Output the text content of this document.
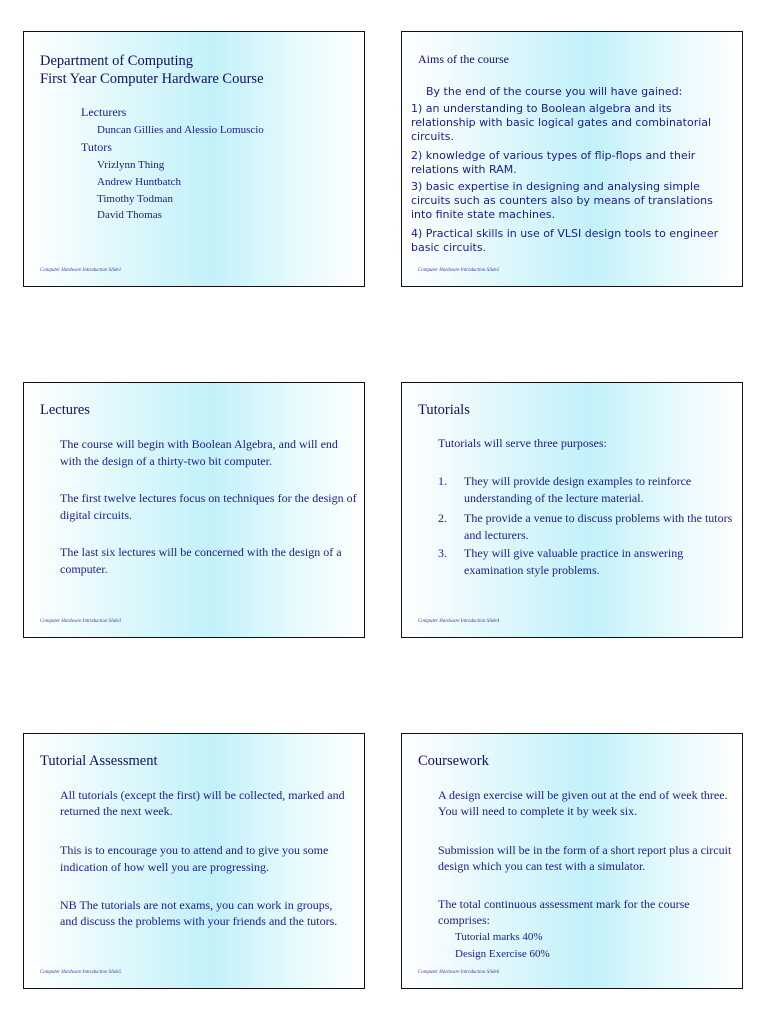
Department of Computing
First Year Computer Hardware Course
Lecturers
Duncan Gillies and Alessio Lomuscio
Tutors
Vrizlynn Thing
Andrew Huntbatch
Timothy Todman
David Thomas
Computer Hardware Introduction Slide1
Aims of the course
By the end of the course you will have gained:
1) an understanding to Boolean algebra and its relationship with basic logical gates and combinatorial circuits.
2) knowledge of various types of flip-flops and their relations with RAM.
3) basic expertise in designing and analysing simple circuits such as counters also by means of translations into finite state machines.
4) Practical skills in use of VLSI design tools to engineer basic circuits.
Computer Hardware Introduction Slide2
Lectures
The course will begin with Boolean Algebra, and will end with the design of a thirty-two bit computer.
The first twelve lectures focus on techniques for the design of digital circuits.
The last six lectures will be concerned with the design of a computer.
Computer Hardware Introduction Slide3
Tutorials
Tutorials will serve three purposes:
1. They will provide design examples to reinforce understanding of the lecture material.
2. The provide a venue to discuss problems with the tutors and lecturers.
3. They will give valuable practice in answering examination style problems.
Computer Hardware Introduction Slide4
Tutorial Assessment
All tutorials (except the first) will be collected, marked and returned the next week.
This is to encourage you to attend and to give you some indication of how well you are progressing.
NB The tutorials are not exams, you can work in groups, and discuss the problems with your friends and the tutors.
Computer Hardware Introduction Slide5
Coursework
A design exercise will be given out at the end of week three. You will need to complete it by week six.
Submission will be in the form of a short report plus a circuit design which you can test with a simulator.
The total continuous assessment mark for the course comprises:
Tutorial marks 40%
Design Exercise 60%
Computer Hardware Introduction Slide6
